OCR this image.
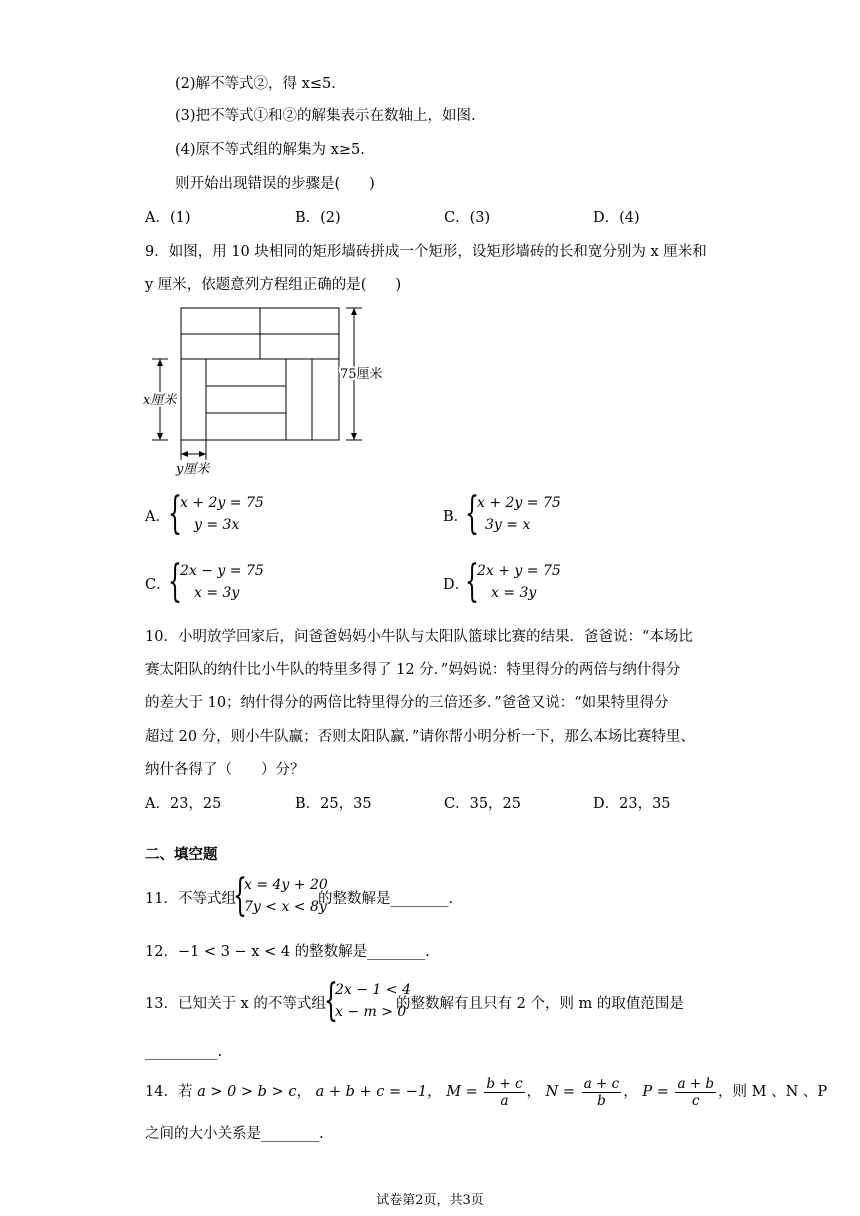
(2)解不等式②，得 x≤5.
(3)把不等式①和②的解集表示在数轴上，如图.
(4)原不等式组的解集为 x≥5.
则开始出现错误的步骤是(　　)
A．(1)	B．(2)	C．(3)	D．(4)
9．如图，用 10 块相同的矩形墙砖拼成一个矩形，设矩形墙砖的长和宽分别为 x 厘米和
y 厘米，依题意列方程组正确的是(　　)
75厘米
x厘米
y厘米
A．
{
x + 2y = 75
y = 3x	B．
{
x + 2y = 75
3y = x
C．
{
2x − y = 75
x = 3y	D．
{
2x + y = 75
x = 3y
10．小明放学回家后，问爸爸妈妈小牛队与太阳队篮球比赛的结果．爸爸说：“本场比
赛太阳队的纳什比小牛队的特里多得了 12 分．”妈妈说：特里得分的两倍与纳什得分
的差大于 10；纳什得分的两倍比特里得分的三倍还多．”爸爸又说：“如果特里得分
超过 20 分，则小牛队赢；否则太阳队赢．”请你帮小明分析一下，那么本场比赛特里、
纳什各得了（　　）分？
A．23，25	B．25，35	C．35，25	D．23，35
二、填空题
11．不等式组
{
x = 4y + 20
7y < x < 8y
的整数解是________.
12．−1 < 3 − x < 4 的整数解是________.
13．已知关于 x 的不等式组
{
2x − 1 < 4
x − m > 0
的整数解有且只有 2 个，则 m 的取值范围是
__________.
14．若 a > 0 > b > c， a + b + c = −1， $M = \frac{b + c}{a}$ ， $N = \frac{a + c}{b}$ ， $P = \frac{a + b}{c}$ ，则 M 、N 、P
之间的大小关系是________.
试卷第2页，共3页
